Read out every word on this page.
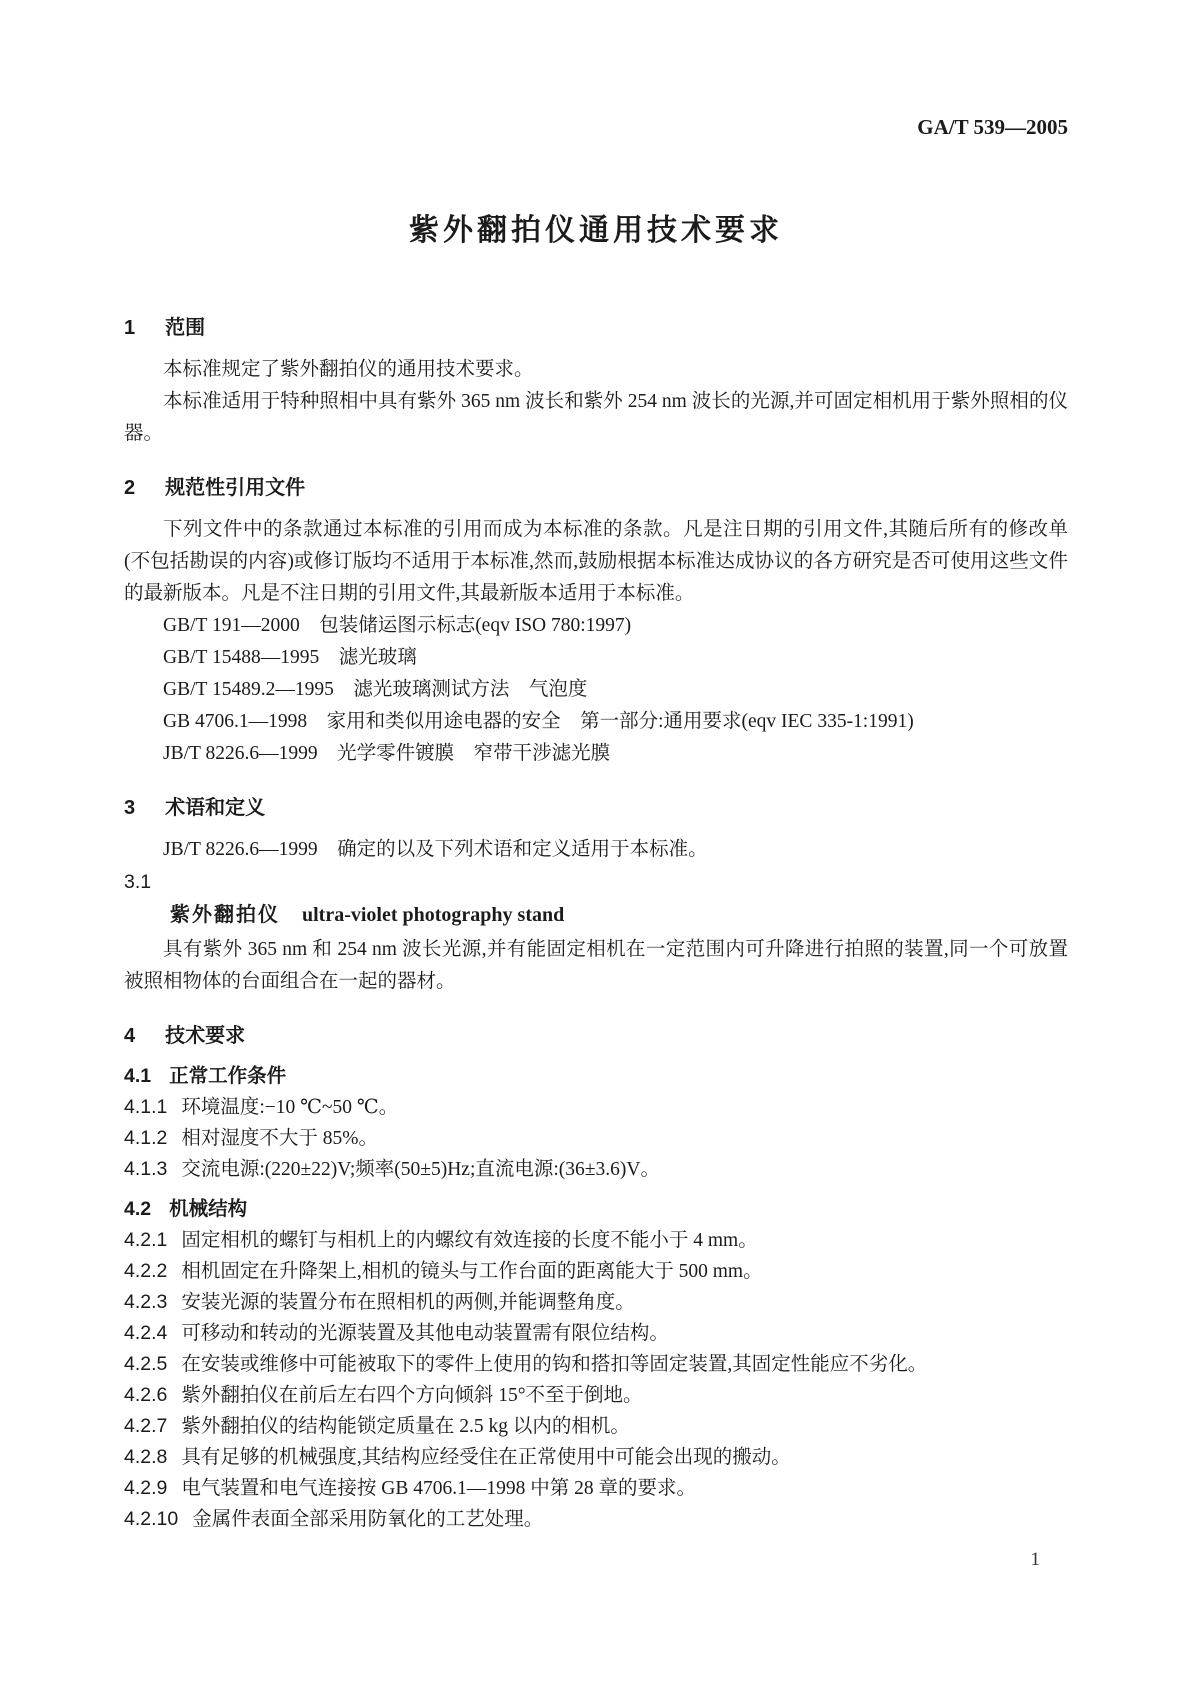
GA/T 539—2005
紫外翻拍仪通用技术要求
1 范围

本标准规定了紫外翻拍仪的通用技术要求。

本标准适用于特种照相中具有紫外 365 nm 波长和紫外 254 nm 波长的光源,并可固定相机用于紫外照相的仪器。

2 规范性引用文件

下列文件中的条款通过本标准的引用而成为本标准的条款。凡是注日期的引用文件,其随后所有的修改单(不包括勘误的内容)或修订版均不适用于本标准,然而,鼓励根据本标准达成协议的各方研究是否可使用这些文件的最新版本。凡是不注日期的引用文件,其最新版本适用于本标准。

GB/T 191—2000　包装储运图示标志(eqv ISO 780:1997)

GB/T 15488—1995　滤光玻璃

GB/T 15489.2—1995　滤光玻璃测试方法　气泡度

GB 4706.1—1998　家用和类似用途电器的安全　第一部分:通用要求(eqv IEC 335-1:1991)

JB/T 8226.6—1999　光学零件镀膜　窄带干涉滤光膜

3 术语和定义

JB/T 8226.6—1999　确定的以及下列术语和定义适用于本标准。

3.1

紫外翻拍仪 ultra-violet photography stand

具有紫外 365 nm 和 254 nm 波长光源,并有能固定相机在一定范围内可升降进行拍照的装置,同一个可放置被照相物体的台面组合在一起的器材。

4 技术要求
4.1 正常工作条件

4.1.1 环境温度:−10 ℃~50 ℃。

4.1.2 相对湿度不大于 85%。

4.1.3 交流电源:(220±22)V;频率(50±5)Hz;直流电源:(36±3.6)V。

4.2 机械结构

4.2.1 固定相机的螺钉与相机上的内螺纹有效连接的长度不能小于 4 mm。

4.2.2 相机固定在升降架上,相机的镜头与工作台面的距离能大于 500 mm。

4.2.3 安装光源的装置分布在照相机的两侧,并能调整角度。

4.2.4 可移动和转动的光源装置及其他电动装置需有限位结构。

4.2.5 在安装或维修中可能被取下的零件上使用的钩和搭扣等固定装置,其固定性能应不劣化。

4.2.6 紫外翻拍仪在前后左右四个方向倾斜 15°不至于倒地。

4.2.7 紫外翻拍仪的结构能锁定质量在 2.5 kg 以内的相机。

4.2.8 具有足够的机械强度,其结构应经受住在正常使用中可能会出现的搬动。

4.2.9 电气装置和电气连接按 GB 4706.1—1998 中第 28 章的要求。

4.2.10 金属件表面全部采用防氧化的工艺处理。

1
